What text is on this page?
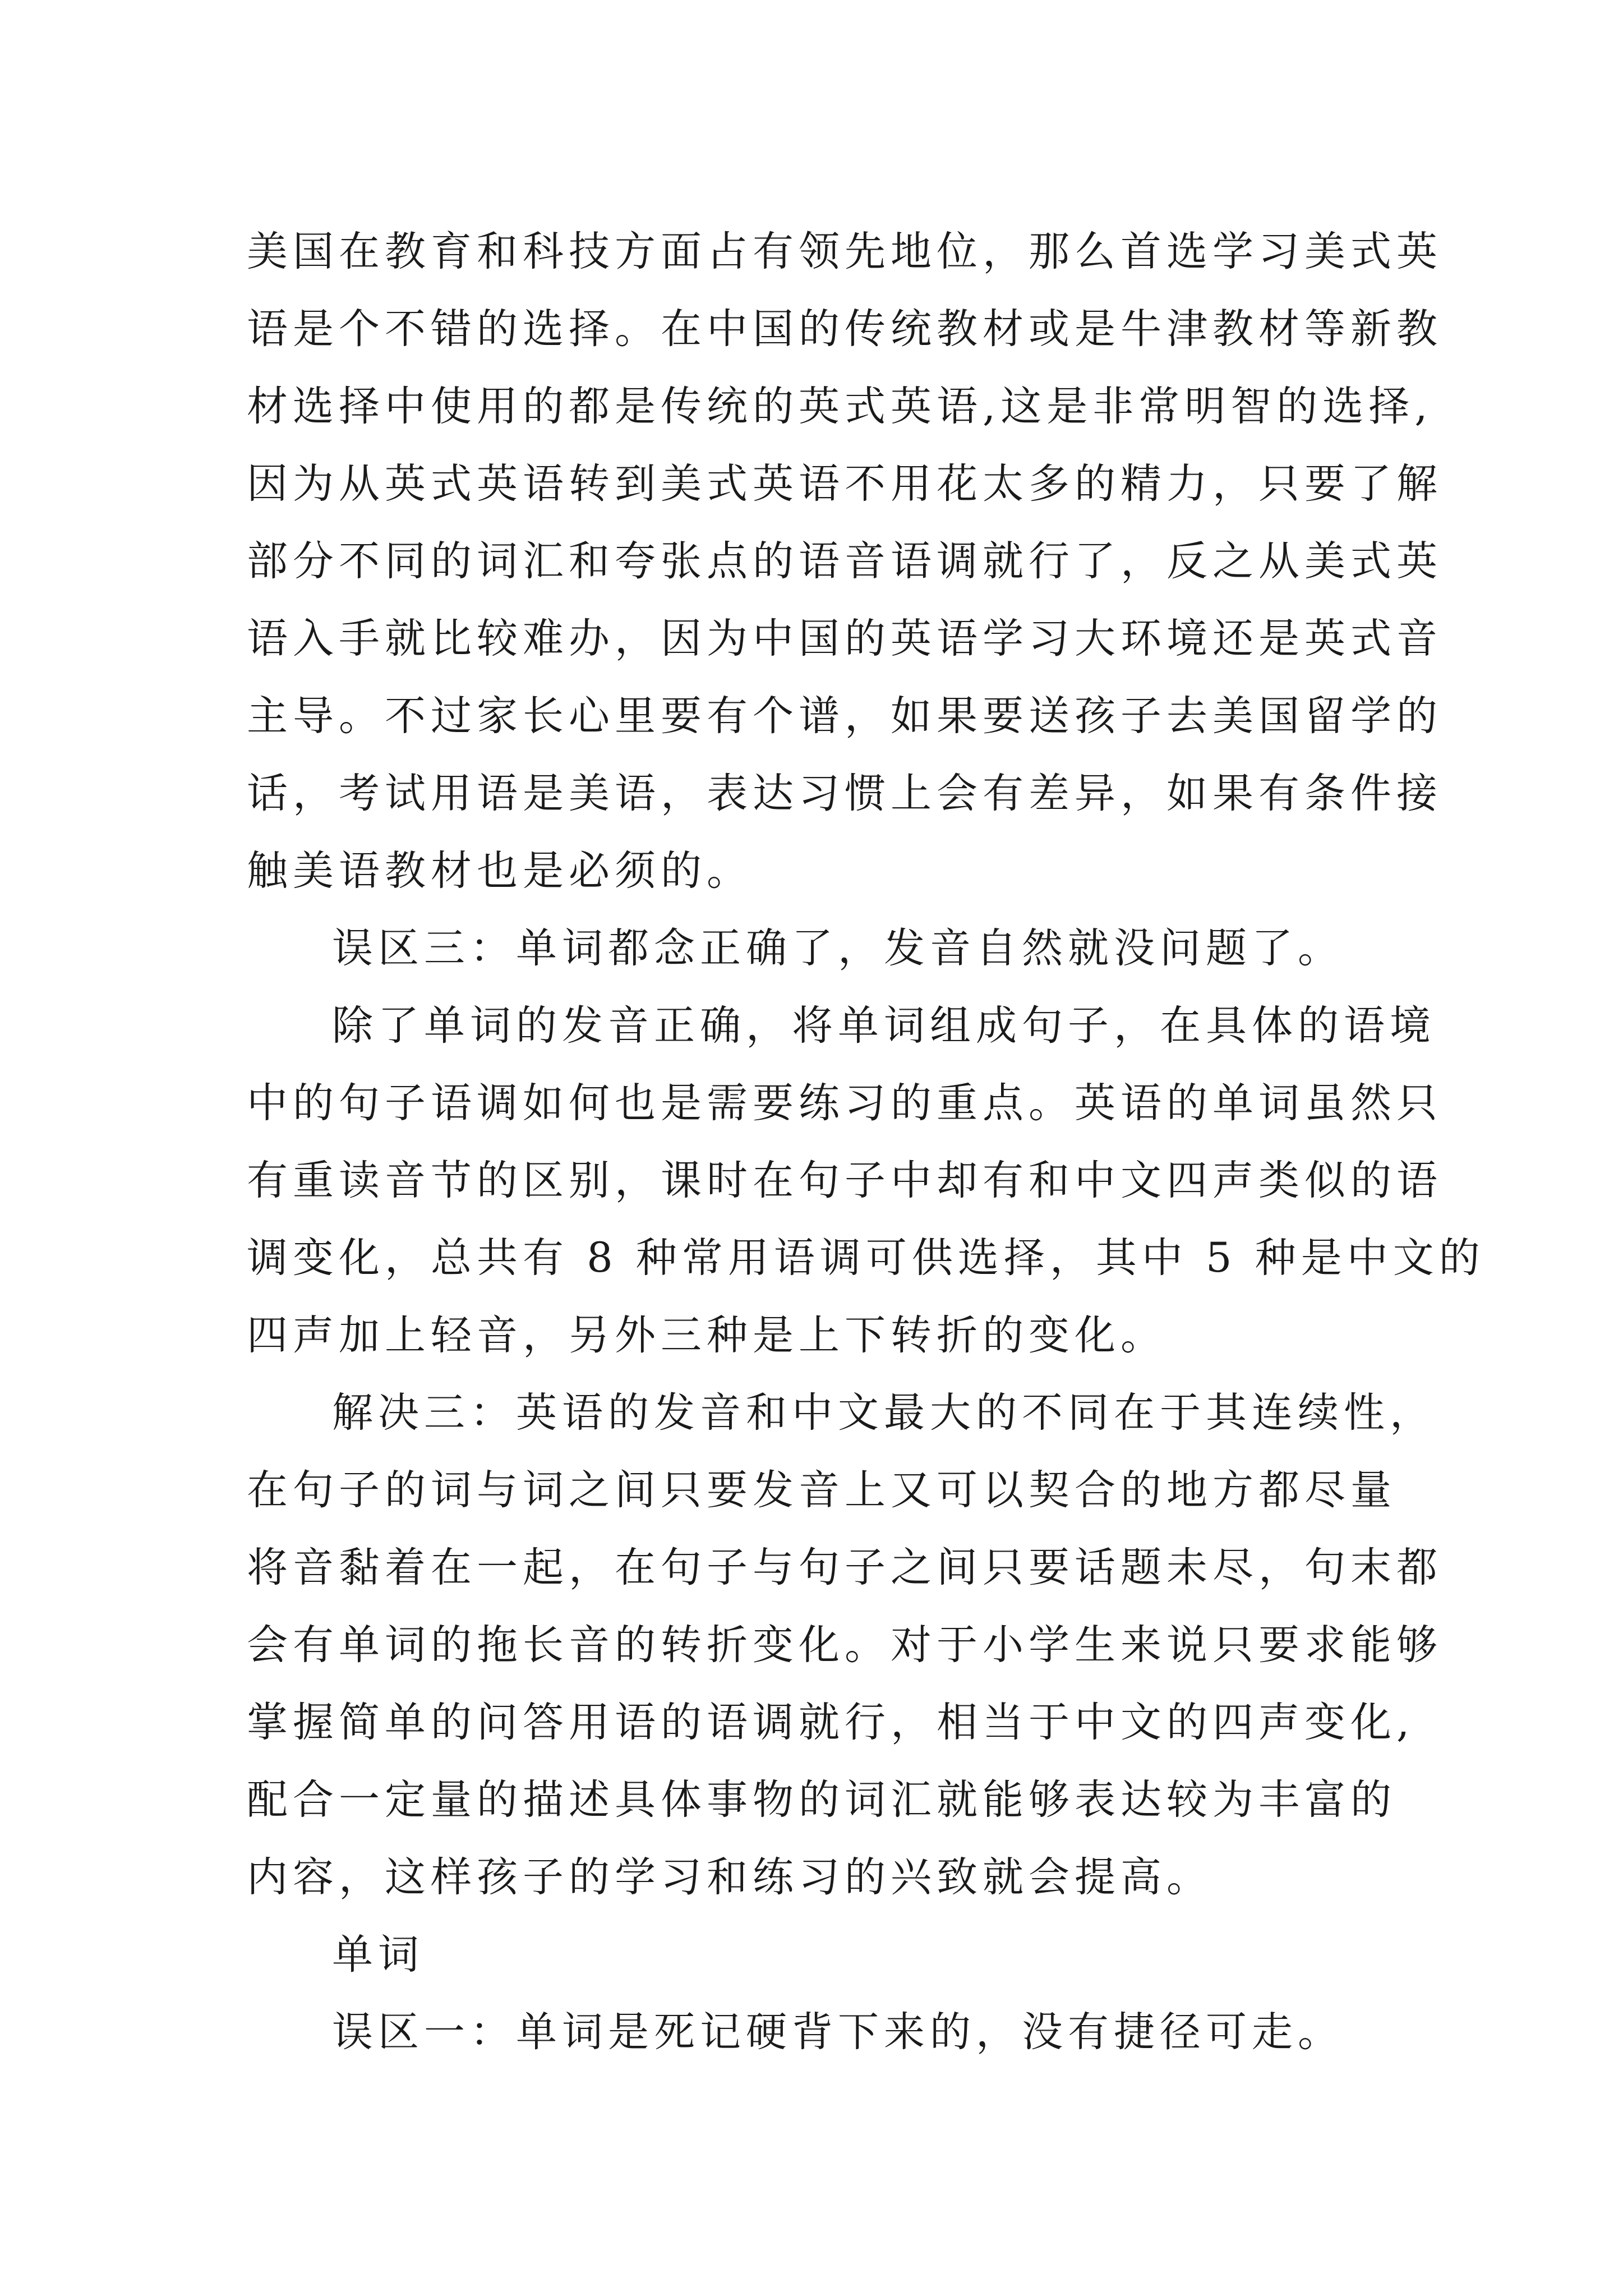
美国在教育和科技方面占有领先地位，那么首选学习美式英
语是个不错的选择。在中国的传统教材或是牛津教材等新教
材选择中使用的都是传统的英式英语,这是非常明智的选择,
因为从英式英语转到美式英语不用花太多的精力，只要了解
部分不同的词汇和夸张点的语音语调就行了，反之从美式英
语入手就比较难办，因为中国的英语学习大环境还是英式音
主导。不过家长心里要有个谱，如果要送孩子去美国留学的
话，考试用语是美语，表达习惯上会有差异，如果有条件接
触美语教材也是必须的。
误区三：单词都念正确了，发音自然就没问题了。
除了单词的发音正确，将单词组成句子，在具体的语境
中的句子语调如何也是需要练习的重点。英语的单词虽然只
有重读音节的区别，课时在句子中却有和中文四声类似的语
调变化，总共有 8 种常用语调可供选择，其中 5 种是中文的
四声加上轻音，另外三种是上下转折的变化。
解决三：英语的发音和中文最大的不同在于其连续性，
在句子的词与词之间只要发音上又可以契合的地方都尽量
将音黏着在一起，在句子与句子之间只要话题未尽，句末都
会有单词的拖长音的转折变化。对于小学生来说只要求能够
掌握简单的问答用语的语调就行，相当于中文的四声变化,
配合一定量的描述具体事物的词汇就能够表达较为丰富的
内容，这样孩子的学习和练习的兴致就会提高。
单词
误区一：单词是死记硬背下来的，没有捷径可走。
